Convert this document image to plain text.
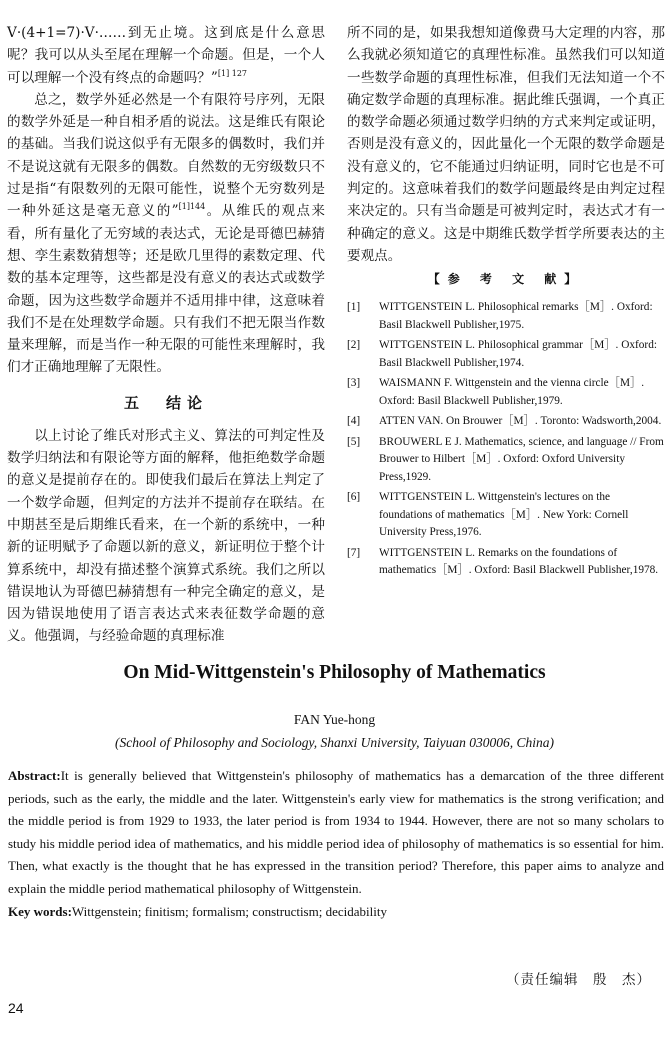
V·(4+1=7)·V·……到无止境。这到底是什么意思呢？我可以从头至尾在理解一个命题。但是，一个人可以理解一个没有终点的命题吗？”$^{[1] 127}$

总之，数学外延必然是一个有限符号序列，无限的数学外延是一种自相矛盾的说法。这是维氏有限论的基础。当我们说这似乎有无限多的偶数时，我们并不是说这就有无限多的偶数。自然数的无穷级数只不过是指“有限数列的无限可能性，说整个无穷数列是一种外延这是毫无意义的”$^{[1]144}$。从维氏的观点来看，所有量化了无穷域的表达式，无论是哥德巴赫猜想、孪生素数猜想等；还是欧几里得的素数定理、代数的基本定理等，这些都是没有意义的表达式或数学命题，因为这些数学命题并不适用排中律，这意味着我们不是在处理数学命题。只有我们不把无限当作数量来理解，而是当作一种无限的可能性来理解时，我们才正确地理解了无限性。

五　结论

以上讨论了维氏对形式主义、算法的可判定性及数学归纳法和有限论等方面的解释，他拒绝数学命题的意义是提前存在的。即使我们最后在算法上判定了一个数学命题，但判定的方法并不提前存在联结。在中期甚至是后期维氏看来，在一个新的系统中，一种新的证明赋予了命题以新的意义，新证明位于整个计算系统中，却没有描述整个演算式系统。我们之所以错误地认为哥德巴赫猜想有一种完全确定的意义，是因为错误地使用了语言表达式来表征数学命题的意义。他强调，与经验命题的真理标准

所不同的是，如果我想知道像费马大定理的内容，那么我就必须知道它的真理性标准。虽然我们可以知道一些数学命题的真理性标准，但我们无法知道一个不确定数学命题的真理标准。据此维氏强调，一个真正的数学命题必须通过数学归纳的方式来判定或证明，否则是没有意义的，因此量化一个无限的数学命题是没有意义的，它不能通过归纳证明，同时它也是不可判定的。这意味着我们的数学问题最终是由判定过程来决定的。只有当命题是可被判定时，表达式才有一种确定的意义。这是中期维氏数学哲学所要表达的主要观点。

【参 考 文 献】
[1] WITTGENSTEIN L. Philosophical remarks［M］. Oxford: Basil Blackwell Publisher,1975.
[2] WITTGENSTEIN L. Philosophical grammar［M］. Oxford: Basil Blackwell Publisher,1974.
[3] WAISMANN F. Wittgenstein and the vienna circle［M］. Oxford: Basil Blackwell Publisher,1979.
[4] ATTEN VAN. On Brouwer［M］. Toronto: Wadsworth,2004.
[5] BROUWERL E J. Mathematics, science, and language // From Brouwer to Hilbert［M］. Oxford: Oxford University Press,1929.
[6] WITTGENSTEIN L. Wittgenstein's lectures on the foundations of mathematics［M］. New York: Cornell University Press,1976.
[7] WITTGENSTEIN L. Remarks on the foundations of mathematics［M］. Oxford: Basil Blackwell Publisher,1978.
On Mid-Wittgenstein's Philosophy of Mathematics
FAN Yue-hong
(School of Philosophy and Sociology, Shanxi University, Taiyuan 030006, China)
Abstract:It is generally believed that Wittgenstein's philosophy of mathematics has a demarcation of the three different periods, such as the early, the middle and the later. Wittgenstein's early view for mathematics is the strong verification; and the middle period is from 1929 to 1933, the later period is from 1934 to 1944. However, there are not so many scholars to study his middle period idea of mathematics, and his middle period idea of philosophy of mathematics is so essential for him. Then, what exactly is the thought that he has expressed in the transition period? Therefore, this paper aims to analyze and explain the middle period mathematical philosophy of Wittgenstein.
Key words:Wittgenstein; finitism; formalism; constructism; decidability
（责任编辑　殷　杰）
24
